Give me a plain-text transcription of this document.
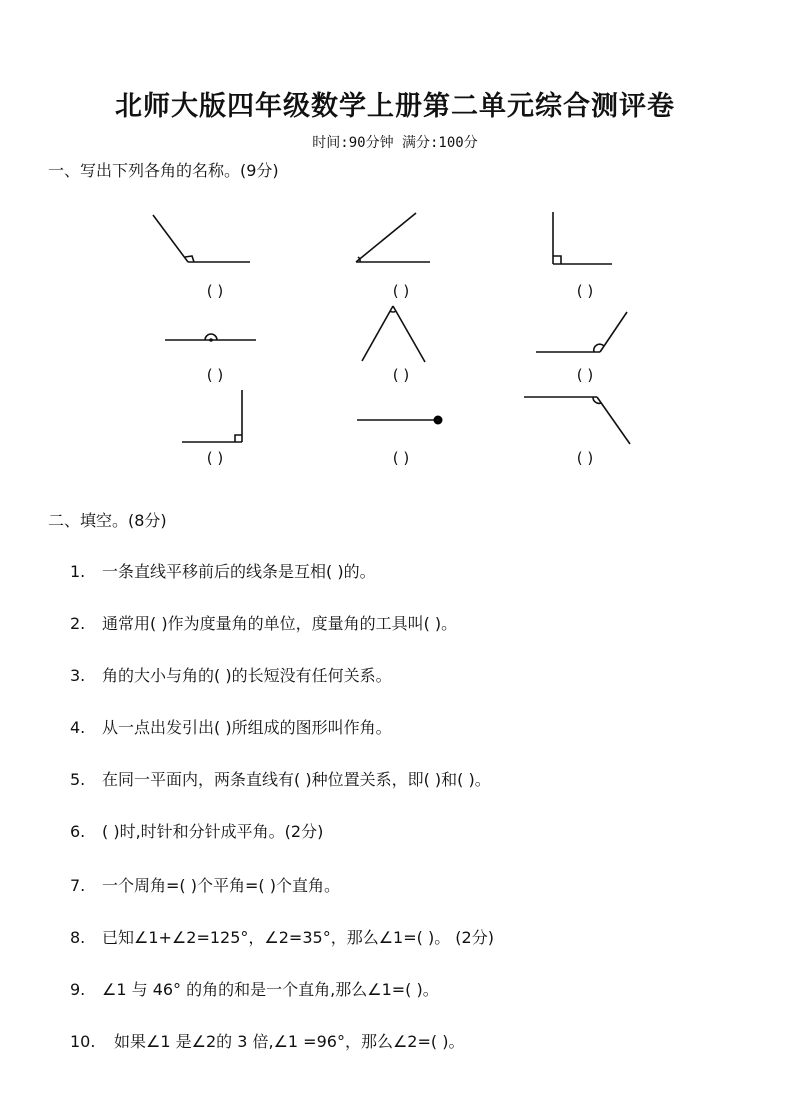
北师大版四年级数学上册第二单元综合测评卷
时间:90分钟 满分:100分
一、写出下列各角的名称。(9分)
( )	( )	( )
( )	( )	( )
( )	( )	( )
二、填空。(8分)
1. 一条直线平移前后的线条是互相( )的。
2. 通常用( )作为度量角的单位，度量角的工具叫( )。
3. 角的大小与角的( )的长短没有任何关系。
4. 从一点出发引出( )所组成的图形叫作角。
5. 在同一平面内，两条直线有( )种位置关系，即( )和( )。
6. ( )时,时针和分针成平角。(2分)
7. 一个周角=( )个平角=( )个直角。
8. 已知∠1+∠2=125°，∠2=35°，那么∠1=( )。 (2分)
9. ∠1 与 46° 的角的和是一个直角,那么∠1=( )。
10. 如果∠1 是∠2的 3 倍,∠1 =96°，那么∠2=( )。
